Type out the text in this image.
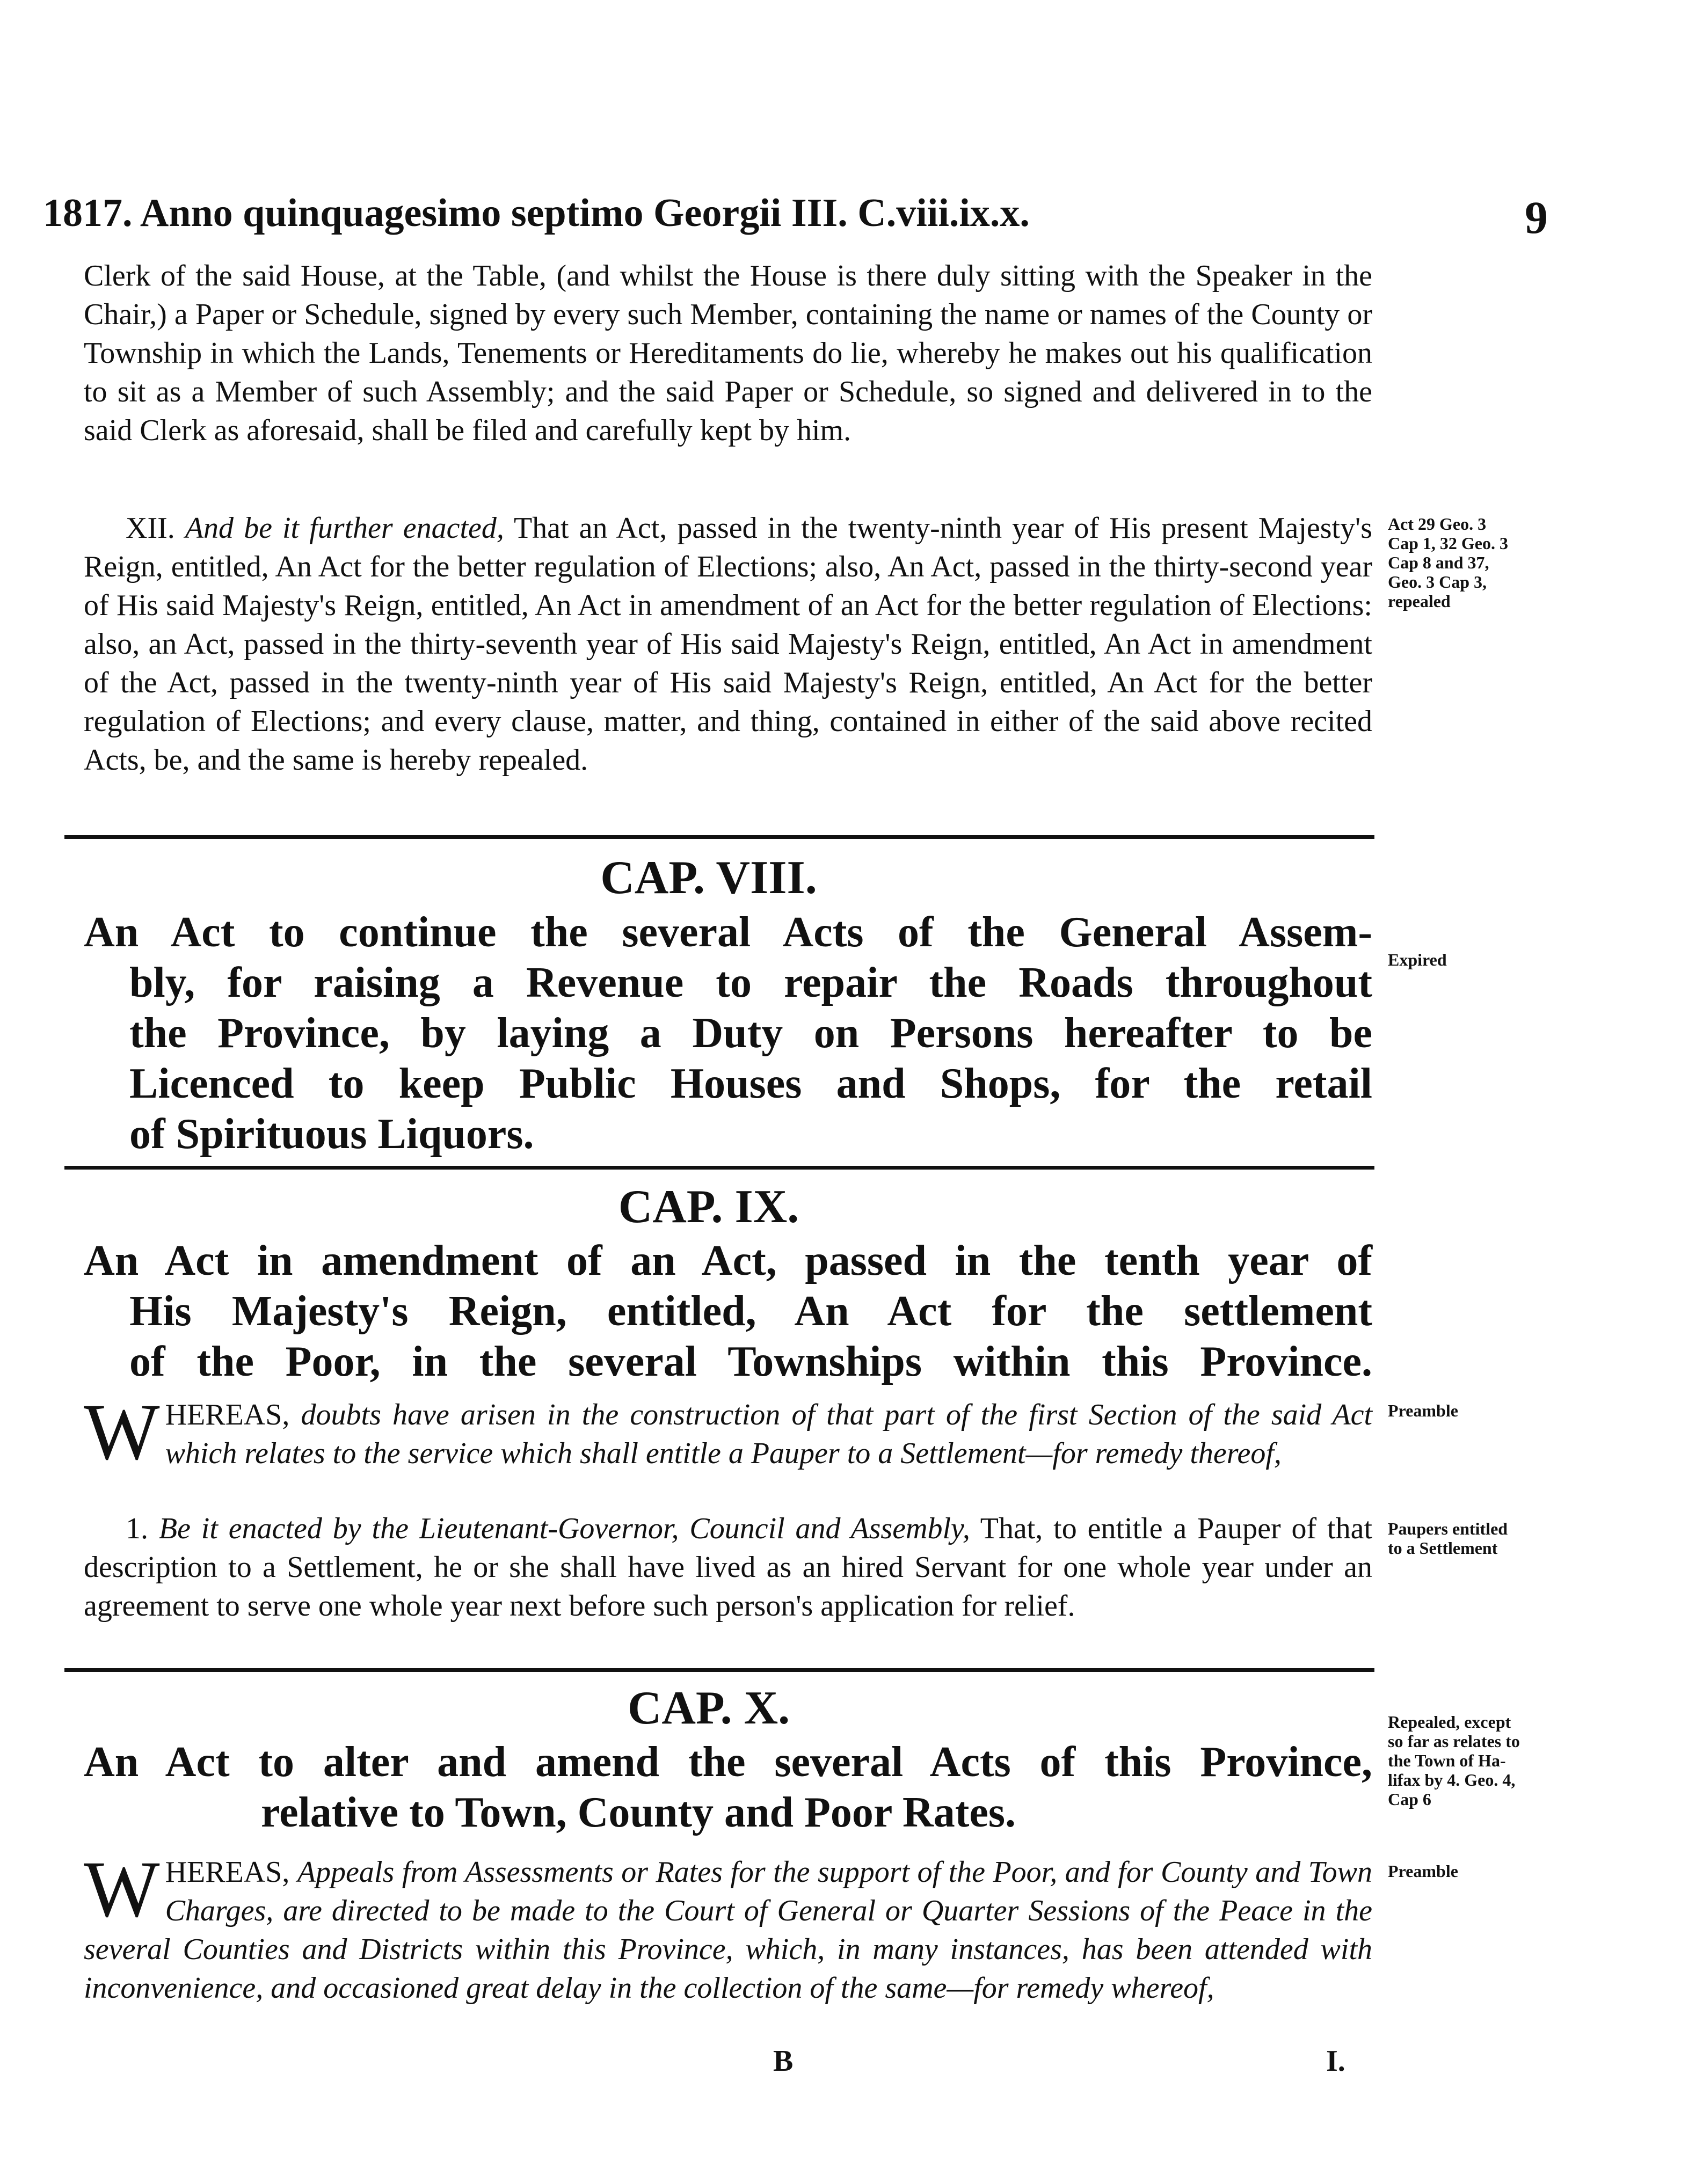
1817. Anno quinquagesimo septimo Georgii III. C.viii.ix.x.	9

Clerk of the said House, at the Table, (and whilst the House is there duly sitting with the Speaker in the Chair,) a Paper or Schedule, signed by every such Member, containing the name or names of the County or Township in which the Lands, Tenements or Hereditaments do lie, whereby he makes out his qualification to sit as a Member of such Assembly; and the said Paper or Schedule, so signed and delivered in to the said Clerk as aforesaid, shall be filed and carefully kept by him.

XII. And be it further enacted, That an Act, passed in the twenty-ninth year of His present Majesty's Reign, entitled, An Act for the better regulation of Elections; also, An Act, passed in the thirty-second year of His said Majesty's Reign, entitled, An Act in amendment of an Act for the better regulation of Elections: also, an Act, passed in the thirty-seventh year of His said Majesty's Reign, entitled, An Act in amendment of the Act, passed in the twenty-ninth year of His said Majesty's Reign, entitled, An Act for the better regulation of Elections; and every clause, matter, and thing, contained in either of the said above recited Acts, be, and the same is hereby repealed.

Act 29 Geo. 3
Cap 1, 32 Geo. 3
Cap 8 and 37,
Geo. 3 Cap 3,
repealed
CAP. VIII.
An Act to continue the several Acts of the General Assem-
bly, for raising a Revenue to repair the Roads throughout
the Province, by laying a Duty on Persons hereafter to be
Licenced to keep Public Houses and Shops, for the retail
of Spirituous Liquors.
Expired
CAP. IX.
An Act in amendment of an Act, passed in the tenth year of
His Majesty's Reign, entitled, An Act for the settlement
of the Poor, in the several Townships within this Province.

WHEREAS, doubts have arisen in the construction of that part of the first Section of the said Act which relates to the service which shall entitle a Pauper to a Settlement—for remedy thereof,

Preamble

1. Be it enacted by the Lieutenant-Governor, Council and Assembly, That, to entitle a Pauper of that description to a Settlement, he or she shall have lived as an hired Servant for one whole year under an agreement to serve one whole year next before such person's application for relief.

Paupers entitled
to a Settlement
CAP. X.
An Act to alter and amend the several Acts of this Province,
relative to Town, County and Poor Rates.
Repealed, except
so far as relates to
the Town of Ha-
lifax by 4. Geo. 4,
Cap 6

WHEREAS, Appeals from Assessments or Rates for the support of the Poor, and for County and Town Charges, are directed to be made to the Court of General or Quarter Sessions of the Peace in the several Counties and Districts within this Province, which, in many instances, has been attended with inconvenience, and occasioned great delay in the collection of the same—for remedy whereof,

Preamble
B	I.
